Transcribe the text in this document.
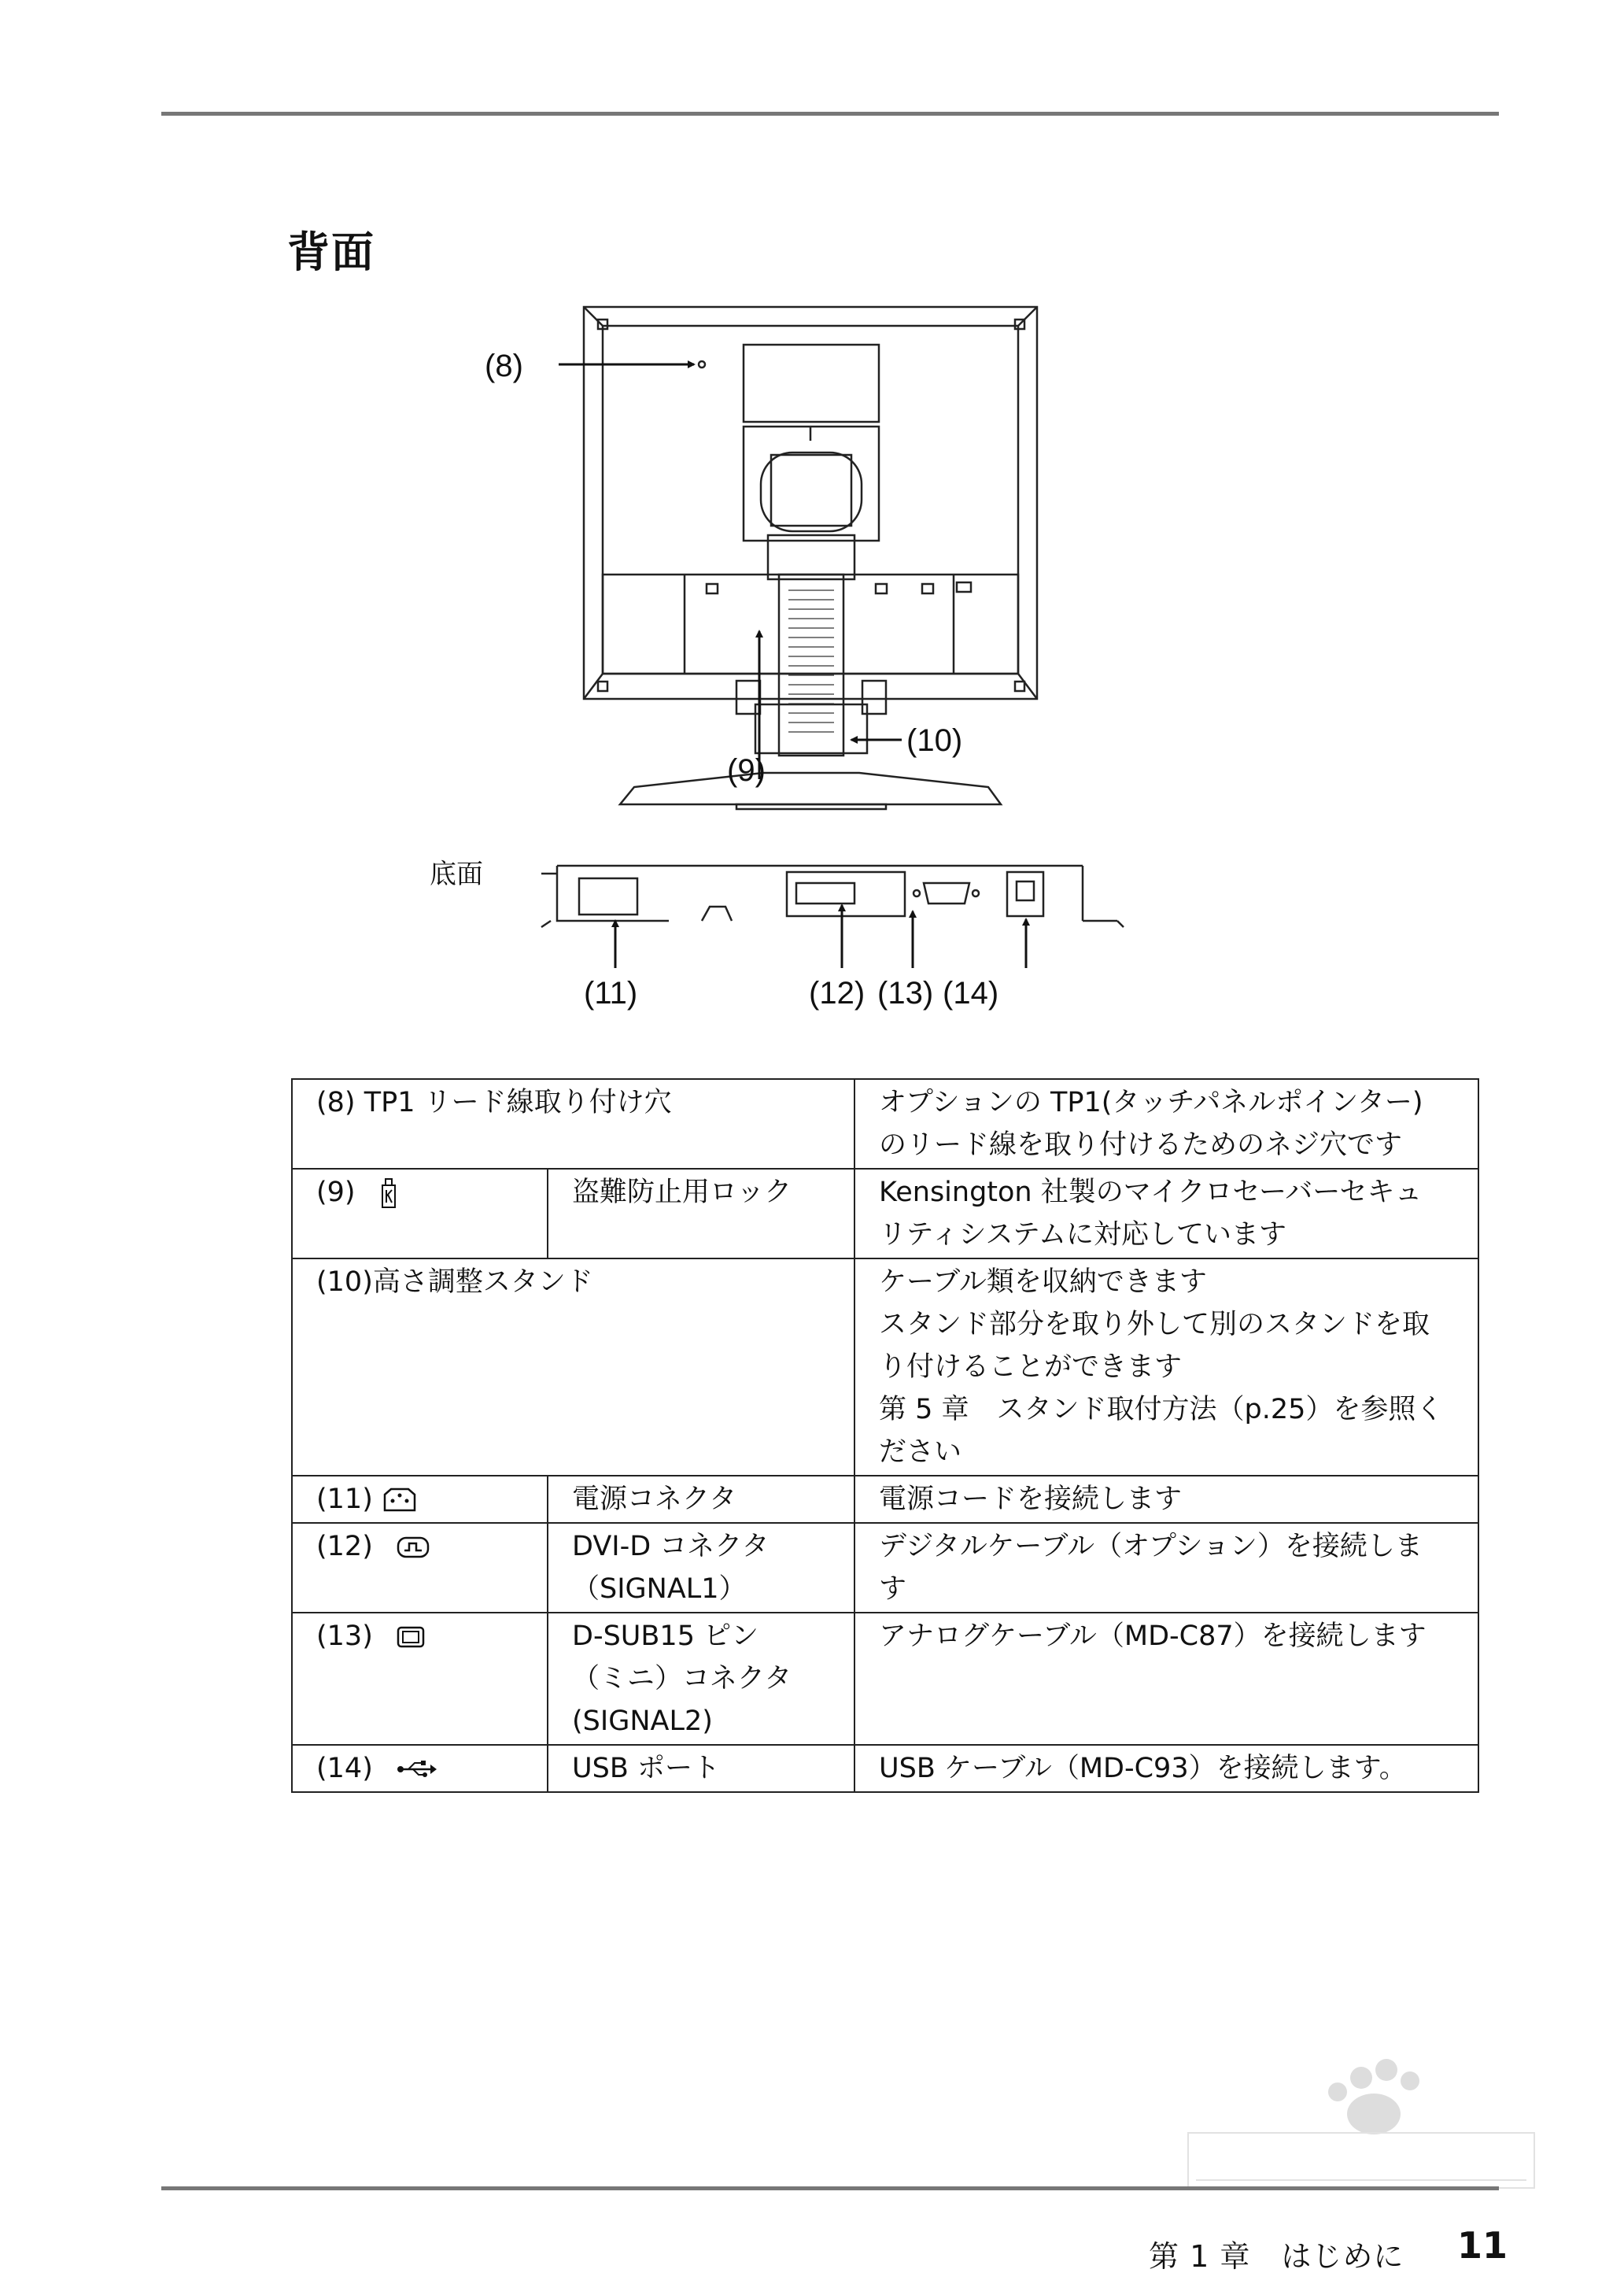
背面
(8)
(9)
(10)
底面
(11)	(12) (13) (14)
(8) TP1 リード線取り付け穴		オプションの TP1(タッチパネルポインター)
のリード線を取り付けるためのネジ穴です

(9)	盗難防止用ロック	Kensington 社製のマイクロセーバーセキュ
リティシステムに対応しています

(10)高さ調整スタンド		ケーブル類を収納できます
スタンド部分を取り外して別のスタンドを取
り付けることができます
第 5 章　スタンド取付方法（p.25）を参照く
ださい

(11)	電源コネクタ	電源コードを接続します

(12)	DVI-D コネクタ
（SIGNAL1）	デジタルケーブル（オプション）を接続しま
す

(13)	D-SUB15 ピン
（ミニ）コネクタ
(SIGNAL2)	アナログケーブル（MD-C87）を接続します

(14)	USB ポート	USB ケーブル（MD-C93）を接続します。
第 1 章　はじめに 11
